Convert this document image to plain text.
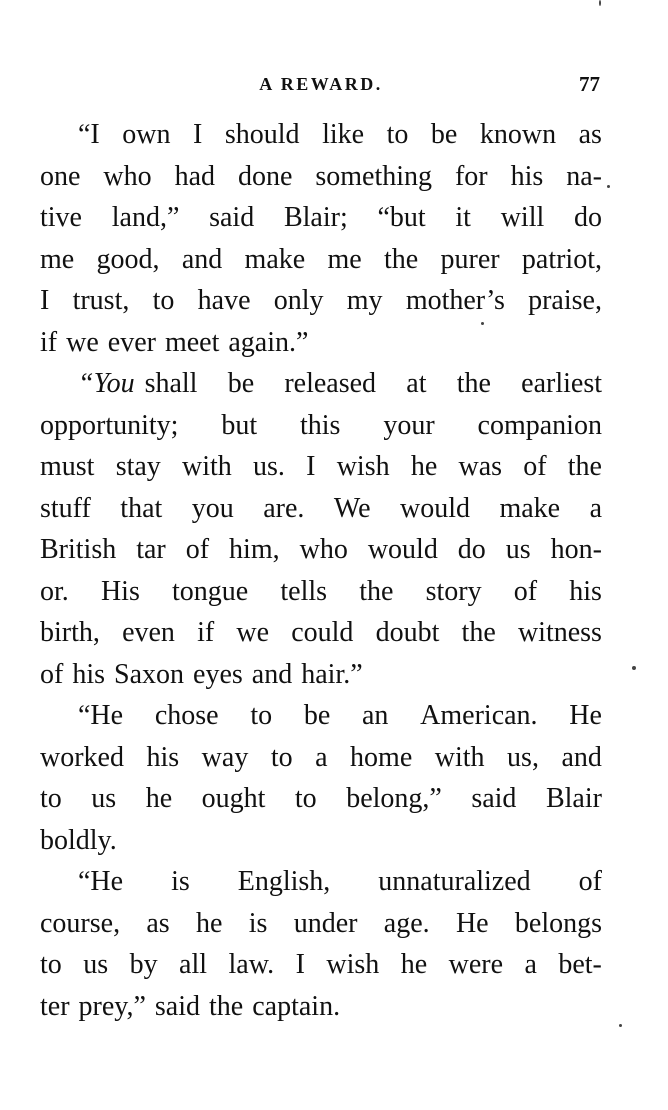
A REWARD.	77
“I own I should like to be known as
one who had done something for his na-
tive land,” said Blair; “but it will do
me good, and make me the purer patriot,
I trust, to have only my mother’s praise,
if we ever meet again.”
“You shall be released at the earliest
opportunity; but this your companion
must stay with us. I wish he was of the
stuff that you are. We would make a
British tar of him, who would do us hon-
or. His tongue tells the story of his
birth, even if we could doubt the witness
of his Saxon eyes and hair.”
“He chose to be an American. He
worked his way to a home with us, and
to us he ought to belong,” said Blair
boldly.
“He is English, unnaturalized of
course, as he is under age. He belongs
to us by all law. I wish he were a bet-
ter prey,” said the captain.
